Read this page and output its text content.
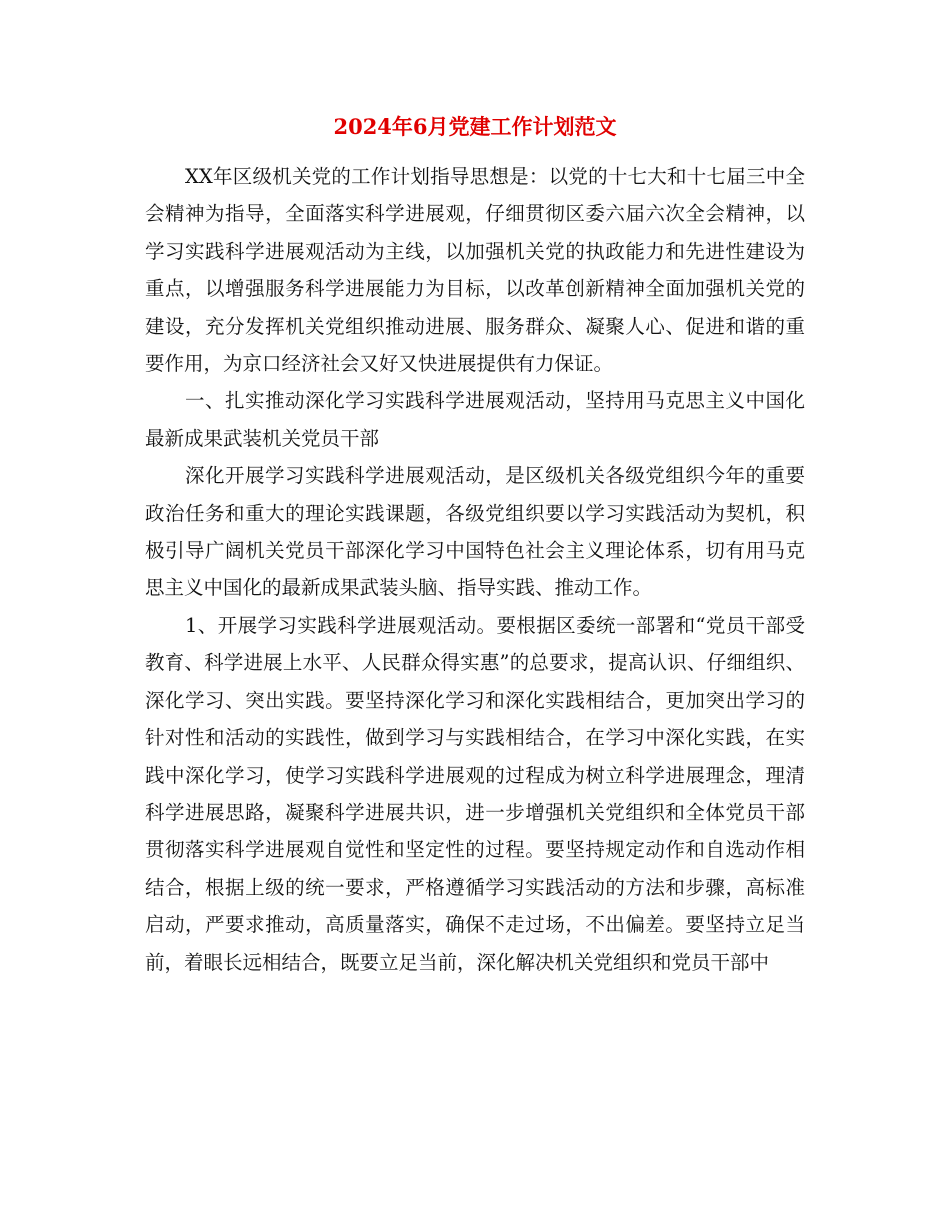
2024年6月党建工作计划范文

XX年区级机关党的工作计划指导思想是：以党的十七大和十七届三中全会精神为指导，全面落实科学进展观，仔细贯彻区委六届六次全会精神，以学习实践科学进展观活动为主线，以加强机关党的执政能力和先进性建设为重点，以增强服务科学进展能力为目标，以改革创新精神全面加强机关党的建设，充分发挥机关党组织推动进展、服务群众、凝聚人心、促进和谐的重要作用，为京口经济社会又好又快进展提供有力保证。

一、扎实推动深化学习实践科学进展观活动，坚持用马克思主义中国化最新成果武装机关党员干部

深化开展学习实践科学进展观活动，是区级机关各级党组织今年的重要政治任务和重大的理论实践课题，各级党组织要以学习实践活动为契机，积极引导广阔机关党员干部深化学习中国特色社会主义理论体系，切有用马克思主义中国化的最新成果武装头脑、指导实践、推动工作。

1、开展学习实践科学进展观活动。要根据区委统一部署和“党员干部受教育、科学进展上水平、人民群众得实惠”的总要求，提高认识、仔细组织、深化学习、突出实践。要坚持深化学习和深化实践相结合，更加突出学习的针对性和活动的实践性，做到学习与实践相结合，在学习中深化实践，在实践中深化学习，使学习实践科学进展观的过程成为树立科学进展理念，理清科学进展思路，凝聚科学进展共识，进一步增强机关党组织和全体党员干部贯彻落实科学进展观自觉性和坚定性的过程。要坚持规定动作和自选动作相结合，根据上级的统一要求，严格遵循学习实践活动的方法和步骤，高标准启动，严要求推动，高质量落实，确保不走过场，不出偏差。要坚持立足当前，着眼长远相结合，既要立足当前，深化解决机关党组织和党员干部中
